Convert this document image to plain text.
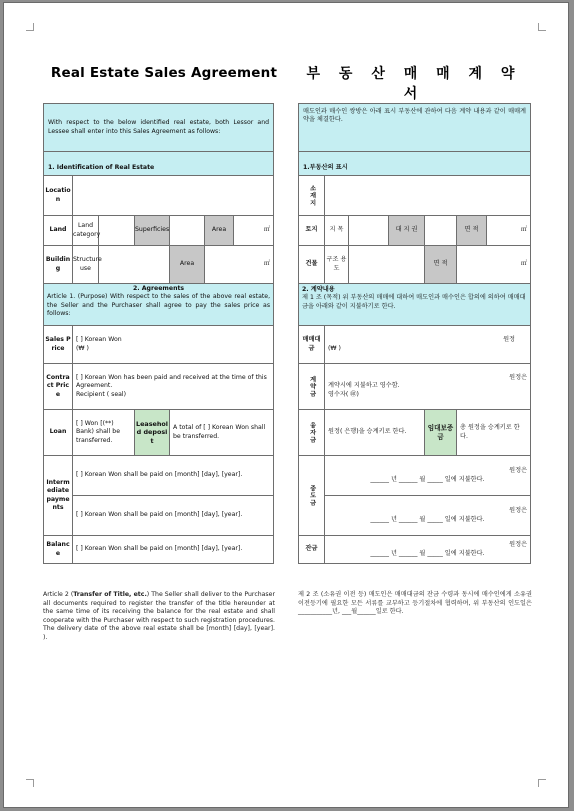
Real Estate Sales Agreement	부 동 산 매 매 계 약 서
With respect to the below identified real estate, both Lessor and Lessee shall enter into this Sales Agreement as follows:						
1. Identification of Real Estate						
Location						
Land	Land category		Superficies		Area	㎡
Building	Structure use			Area	㎡	

2. Agreements
Article 1. (Purpose) With respect to the sales of the above real estate, the Seller and the Purchaser shall agree to pay the sales price as follows:						

Sales Price	[ ] Korean Won
(₩ )					

Contract Price	[ ] Korean Won has been paid and received at the time of this Agreement.
Recipient ( seal)					

Loan	[ ] Won [(**) Bank) shall be transferred.		Leasehold deposit	A total of [ ] Korean Won shall be transferred.		
Intermediate payments	[ ] Korean Won shall be paid on [month] [day], [year].					
	[ ] Korean Won shall be paid on [month] [day], [year].					
Balance	[ ] Korean Won shall be paid on [month] [day], [year].					
Article 2 (Transfer of Title, etc.) The Seller shall deliver to the Purchaser all documents required to register the transfer of the title hereunder at the same time of its receiving the balance for the real estate and shall cooperate with the Purchaser with respect to such registration procedures. The delivery date of the above real estate shall be [month] [day], [year]. ).
매도인과 매수인 쌍방은 아래 표시 부동산에 관하여 다음 계약 내용과 같이 매매계약을 체결한다.						
1.부동산의 표시						

소재지						

토지	지 목		대 지 권		면 적	㎡
건물	구조 용도			면 적	㎡	

2. 계약내용
제 1 조 (목적) 위 부동산의 매매에 대하여 매도인과 매수인은 합의에 의하여 매매대금을 아래와 같이 지불하기로 한다.						

매매대금	원정
(₩ )					

계약금	원정은
계약시에 지불하고 영수함.
영수자( ㊞)					

융자금	원정( 은행)을 승계키로 한다.			임대보증금	총 원정을 승계키로 한다.	

중도금	원정은
______ 년 ______ 월 _____ 일에 지불한다.					

	원정은
______ 년 ______ 월 _____ 일에 지불한다.					

잔금	원정은
______ 년 ______ 월 _____ 일에 지불한다.					
제 2 조 (소유권 이전 등) 매도인은 매매대금의 잔금 수령과 동시에 매수인에게 소유권이전등기에 필요한 모든 서류를 교부하고 등기절차에 협력하며, 위 부동산의 인도일은 ___________년, ___월______일로 한다.
